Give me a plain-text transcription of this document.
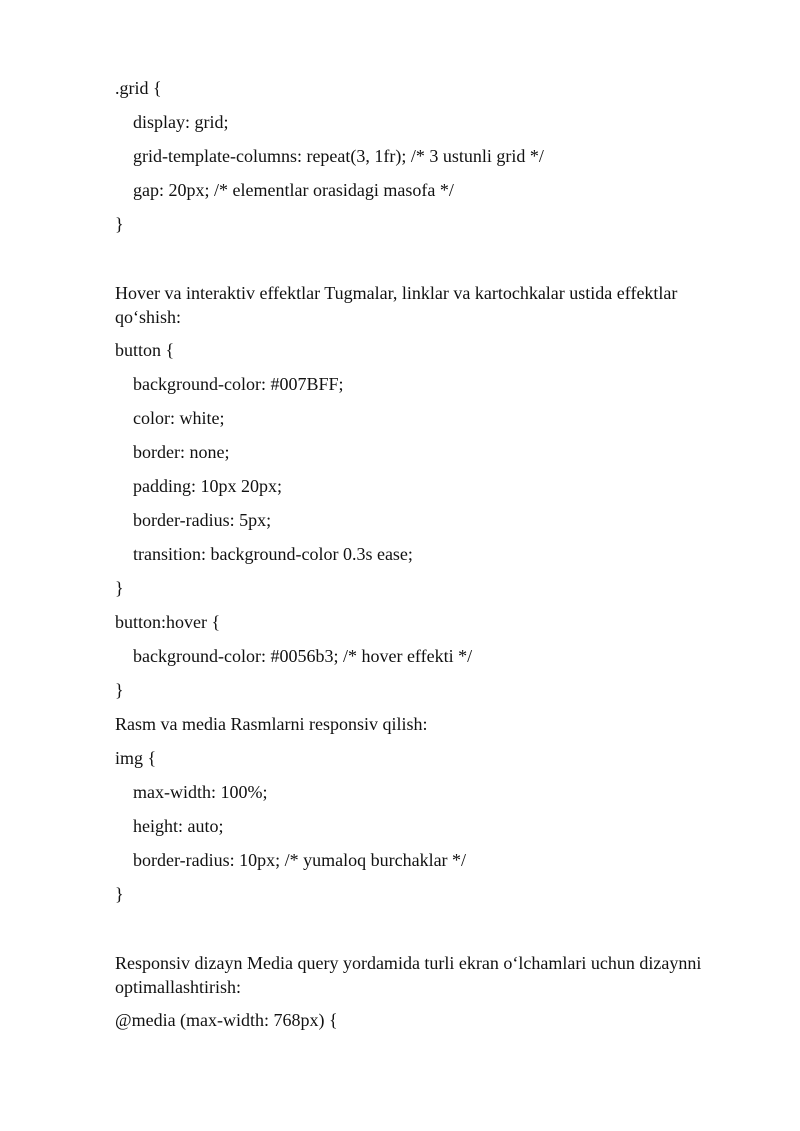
.grid {
display: grid;
grid-template-columns: repeat(3, 1fr); /* 3 ustunli grid */
gap: 20px; /* elementlar orasidagi masofa */
}
Hover va interaktiv effektlar Tugmalar, linklar va kartochkalar ustida effektlar qo‘shish:
button {
background-color: #007BFF;
color: white;
border: none;
padding: 10px 20px;
border-radius: 5px;
transition: background-color 0.3s ease;
}
button:hover {
background-color: #0056b3; /* hover effekti */
}
Rasm va media Rasmlarni responsiv qilish:
img {
max-width: 100%;
height: auto;
border-radius: 10px; /* yumaloq burchaklar */
}
Responsiv dizayn Media query yordamida turli ekran o‘lchamlari uchun dizaynni optimallashtirish:
@media (max-width: 768px) {
